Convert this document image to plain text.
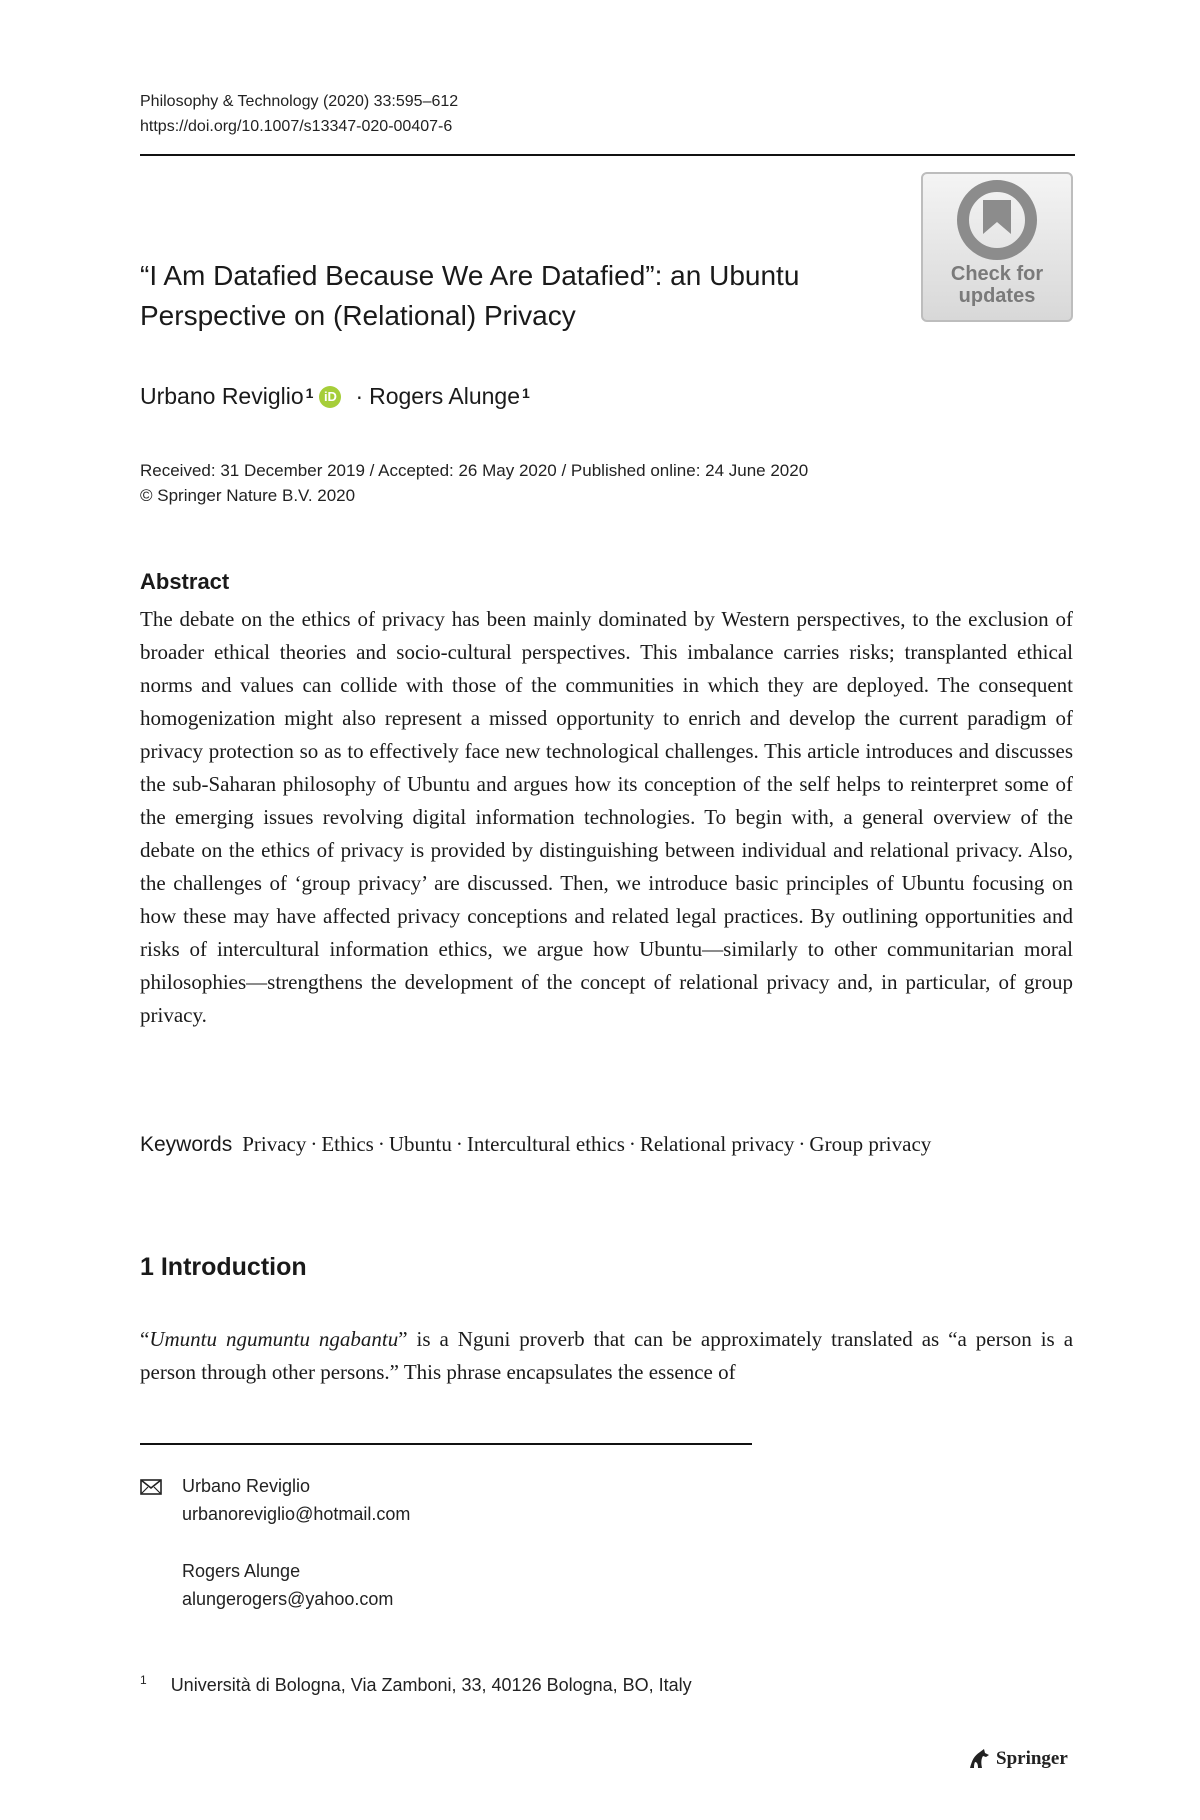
Philosophy & Technology (2020) 33:595–612
https://doi.org/10.1007/s13347-020-00407-6
“I Am Datafied Because We Are Datafied”: an Ubuntu Perspective on (Relational) Privacy
Check for
updates
Urbano Reviglio$^1$ iD · Rogers Alunge$^1$
Received: 31 December 2019 / Accepted: 26 May 2020 / Published online: 24 June 2020
© Springer Nature B.V. 2020
Abstract

The debate on the ethics of privacy has been mainly dominated by Western perspectives, to the exclusion of broader ethical theories and socio-cultural perspectives. This imbalance carries risks; transplanted ethical norms and values can collide with those of the communities in which they are deployed. The consequent homogenization might also represent a missed opportunity to enrich and develop the current paradigm of privacy protection so as to effectively face new technological challenges. This article introduces and discusses the sub-Saharan philosophy of Ubuntu and argues how its conception of the self helps to reinterpret some of the emerging issues revolving digital information technologies. To begin with, a general overview of the debate on the ethics of privacy is provided by distinguishing between individual and relational privacy. Also, the challenges of ‘group privacy’ are discussed. Then, we introduce basic principles of Ubuntu focusing on how these may have affected privacy conceptions and related legal practices. By outlining opportunities and risks of intercultural information ethics, we argue how Ubuntu—similarly to other communitarian moral philosophies—strengthens the development of the concept of relational privacy and, in particular, of group privacy.

Keywords Privacy · Ethics · Ubuntu · Intercultural ethics · Relational privacy · Group privacy
1 Introduction

“Umuntu ngumuntu ngabantu” is a Nguni proverb that can be approximately translated as “a person is a person through other persons.” This phrase encapsulates the essence of

Urbano Reviglio
urbanoreviglio@hotmail.com
Rogers Alunge
alungerogers@yahoo.com
$^1$ Università di Bologna, Via Zamboni, 33, 40126 Bologna, BO, Italy
Springer
